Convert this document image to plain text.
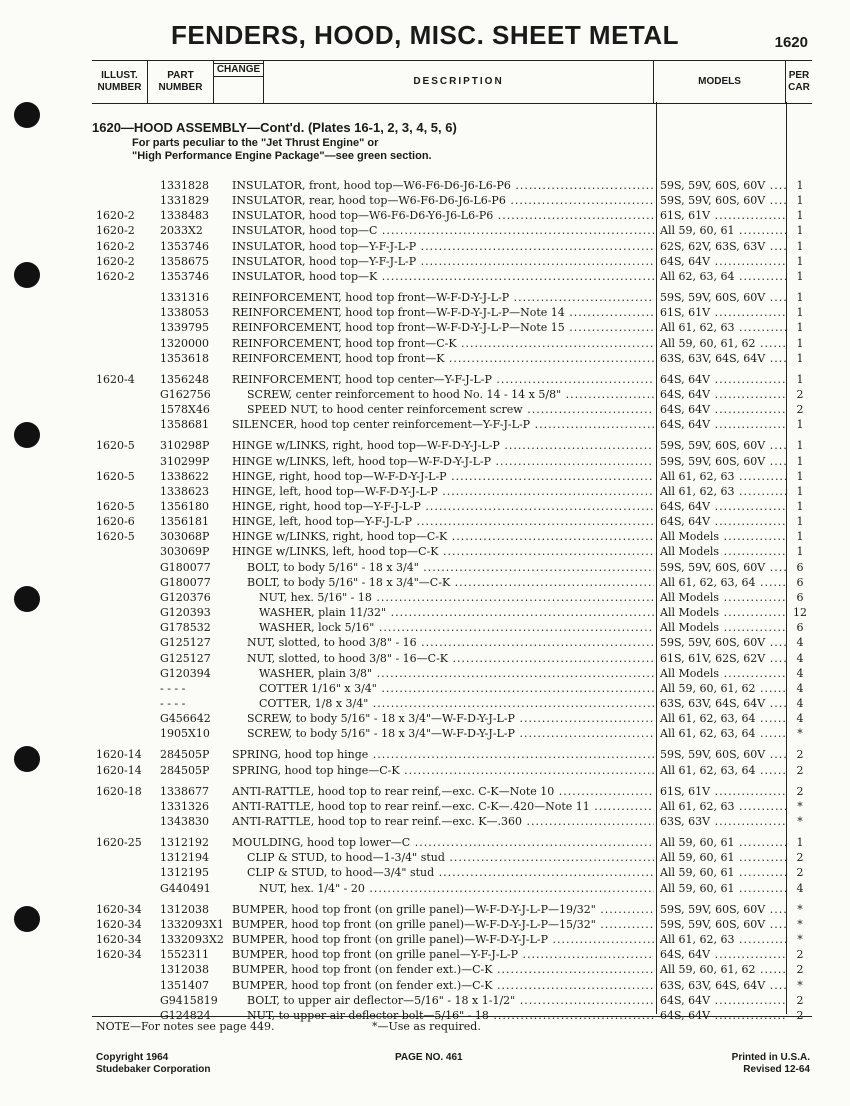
FENDERS, HOOD, MISC. SHEET METAL	1620
ILLUST.
NUMBER
PART
NUMBER
CHANGE
DESCRIPTION	MODELS
PER
CAR
1620—HOOD ASSEMBLY—Cont'd. (Plates 16-1, 2, 3, 4, 5, 6)
For parts peculiar to the "Jet Thrust Engine" or
"High Performance Engine Package"—see green section.
1331828 INSULATOR, front, hood top—W6-F6-D6-J6-L6-P6 .....	59S, 59V, 60S, 60V .....	1
1331829 INSULATOR, rear, hood top—W6-F6-D6-J6-L6-P6 .....	59S, 59V, 60S, 60V .....	1
1620-2 1338483 INSULATOR, hood top—W6-F6-D6-Y6-J6-L6-P6 .....	61S, 61V .....	1
1620-2 2033X2	INSULATOR, hood top—C .....	All 59, 60, 61 .....	1
1620-2 1353746 INSULATOR, hood top—Y-F-J-L-P .....	62S, 62V, 63S, 63V .....	1
1620-2 1358675 INSULATOR, hood top—Y-F-J-L-P .....	64S, 64V .....	1
1620-2 1353746 INSULATOR, hood top—K .....	All 62, 63, 64 .....	1
1331316 REINFORCEMENT, hood top front—W-F-D-Y-J-L-P .....	59S, 59V, 60S, 60V .....	1
1338053 REINFORCEMENT, hood top front—W-F-D-Y-J-L-P—Note 14 .....	61S, 61V .....	1
1339795 REINFORCEMENT, hood top front—W-F-D-Y-J-L-P—Note 15 .....	All 61, 62, 63 .....	1
1320000 REINFORCEMENT, hood top front—C-K .....	All 59, 60, 61, 62 .....	1
1353618 REINFORCEMENT, hood top front—K .....	63S, 63V, 64S, 64V .....	1
1620-4 1356248 REINFORCEMENT, hood top center—Y-F-J-L-P .....	64S, 64V .....	1
G162756	SCREW, center reinforcement to hood No. 14 - 14 x 5/8" .....	64S, 64V .....	2
1578X46	SPEED NUT, to hood center reinforcement screw .....	64S, 64V .....	2
1358681 SILENCER, hood top center reinforcement—Y-F-J-L-P .....	64S, 64V .....	1
1620-5 310298P HINGE w/LINKS, right, hood top—W-F-D-Y-J-L-P .....	59S, 59V, 60S, 60V .....	1
310299P HINGE w/LINKS, left, hood top—W-F-D-Y-J-L-P .....	59S, 59V, 60S, 60V .....	1
1620-5 1338622 HINGE, right, hood top—W-F-D-Y-J-L-P .....	All 61, 62, 63 .....	1
1338623 HINGE, left, hood top—W-F-D-Y-J-L-P .....	All 61, 62, 63 .....	1
1620-5 1356180 HINGE, right, hood top—Y-F-J-L-P .....	64S, 64V .....	1
1620-6 1356181 HINGE, left, hood top—Y-F-J-L-P .....	64S, 64V .....	1
1620-5 303068P HINGE w/LINKS, right, hood top—C-K .....	All Models .....	1
303069P HINGE w/LINKS, left, hood top—C-K .....	All Models .....	1
G180077	BOLT, to body 5/16" - 18 x 3/4" .....	59S, 59V, 60S, 60V .....	6
G180077	BOLT, to body 5/16" - 18 x 3/4"—C-K .....	All 61, 62, 63, 64 .....	6
G120376	NUT, hex. 5/16" - 18 .....	All Models .....	6
G120393	WASHER, plain 11/32" .....	All Models .....	12
G178532	WASHER, lock 5/16" .....	All Models .....	6
G125127	NUT, slotted, to hood 3/8" - 16 .....	59S, 59V, 60S, 60V .....	4
G125127	NUT, slotted, to hood 3/8" - 16—C-K .....	61S, 61V, 62S, 62V .....	4
G120394	WASHER, plain 3/8" .....	All Models .....	4
- - - -	COTTER 1/16" x 3/4" .....	All 59, 60, 61, 62 .....	4
- - - -	COTTER, 1/8 x 3/4" .....	63S, 63V, 64S, 64V .....	4
G456642	SCREW, to body 5/16" - 18 x 3/4"—W-F-D-Y-J-L-P .....	All 61, 62, 63, 64 .....	4
1905X10	SCREW, to body 5/16" - 18 x 3/4"—W-F-D-Y-J-L-P .....	All 61, 62, 63, 64 .....	*
1620-14 284505P SPRING, hood top hinge .....	59S, 59V, 60S, 60V .....	2
1620-14 284505P SPRING, hood top hinge—C-K .....	All 61, 62, 63, 64 .....	2
1620-18 1338677 ANTI-RATTLE, hood top to rear reinf,—exc. C-K—Note 10 .....	61S, 61V .....	2
1331326 ANTI-RATTLE, hood top to rear reinf.—exc. C-K—.420—Note 11 .....	All 61, 62, 63 .....	*
1343830 ANTI-RATTLE, hood top to rear reinf.—exc. K—.360 .....	63S, 63V .....	*
1620-25 1312192 MOULDING, hood top lower—C .....	All 59, 60, 61 .....	1
1312194	CLIP & STUD, to hood—1-3/4" stud .....	All 59, 60, 61 .....	2
1312195	CLIP & STUD, to hood—3/4" stud .....	All 59, 60, 61 .....	2
G440491	NUT, hex. 1/4" - 20 .....	All 59, 60, 61 .....	4
1620-34 1312038 BUMPER, hood top front (on grille panel)—W-F-D-Y-J-L-P—19/32" .....	59S, 59V, 60S, 60V .....	*
1620-34 1332093X1 BUMPER, hood top front (on grille panel)—W-F-D-Y-J-L-P—15/32" .....	59S, 59V, 60S, 60V .....	*
1620-34 1332093X2 BUMPER, hood top front (on grille panel)—W-F-D-Y-J-L-P .....	All 61, 62, 63 .....	*
1620-34 1552311 BUMPER, hood top front (on grille panel—Y-F-J-L-P .....	64S, 64V .....	2
1312038 BUMPER, hood top front (on fender ext.)—C-K .....	All 59, 60, 61, 62 .....	2
1351407 BUMPER, hood top front (on fender ext.)—C-K .....	63S, 63V, 64S, 64V .....	*
G9415819	BOLT, to upper air deflector—5/16" - 18 x 1-1/2" .....	64S, 64V .....	2
G124824	NUT, to upper air deflector bolt—5/16" - 18 .....	64S, 64V .....	2
NOTE—For notes see page 449.	*—Use as required.
Copyright 1964
Studebaker Corporation
PAGE NO. 461	Printed in U.S.A.
Revised 12-64
